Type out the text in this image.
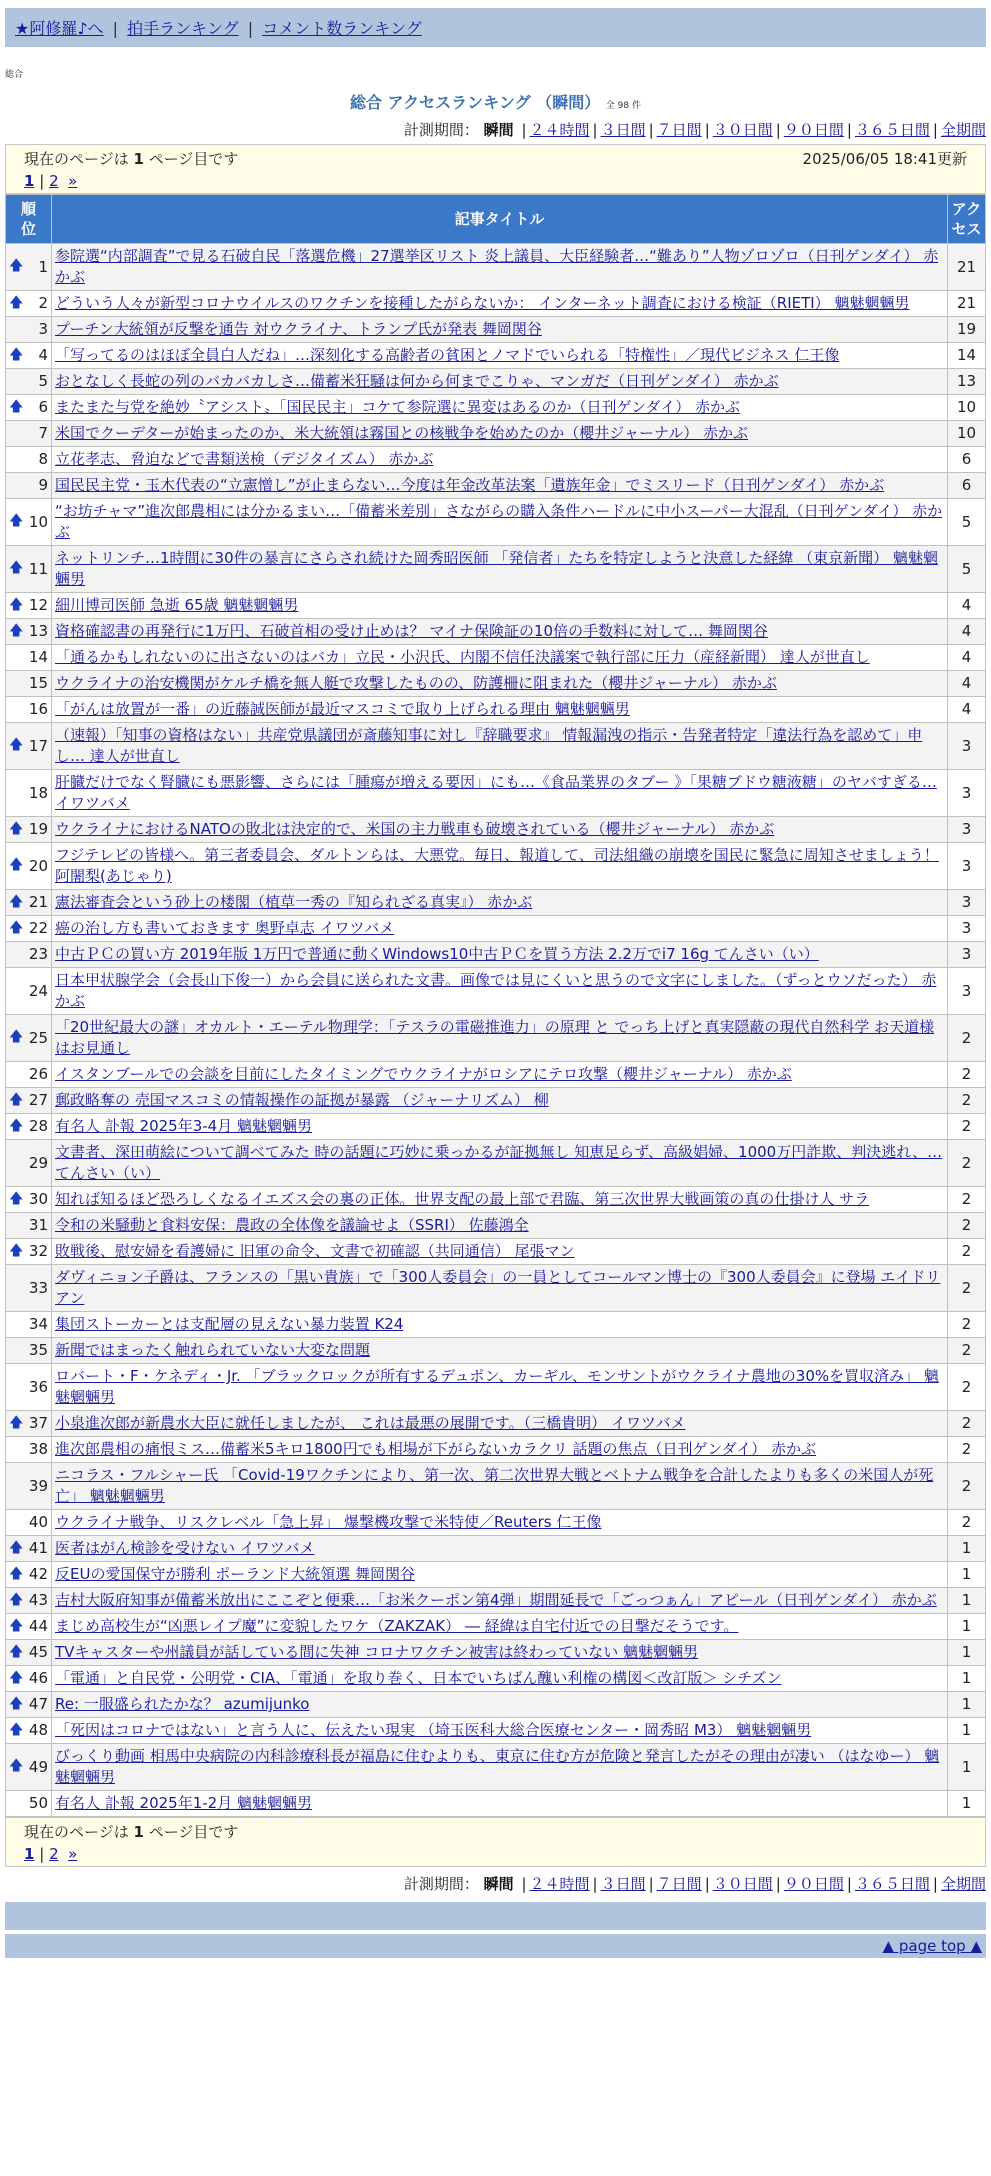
★阿修羅♪へ | 拍手ランキング | コメント数ランキング
総合
総合 アクセスランキング （瞬間） 全 98 件
計測期間： 瞬間 | ２４時間 | ３日間 | ７日間 | ３０日間 | ９０日間 | ３６５日間 | 全期間
現在のページは 1 ページ目です	2025/06/05 18:41更新
1 | 2 »
順位	記事タイトル	アクセス

🡅 1	参院選“内部調査”で見る石破自民「落選危機」27選挙区リスト 炎上議員、大臣経験者…“難あり”人物ゾロゾロ（日刊ゲンダイ） 赤かぶ	21

🡅 2	どういう人々が新型コロナウイルスのワクチンを接種したがらないか： インターネット調査における検証（RIETI） 魑魅魍魎男	21

3	プーチン大統領が反撃を通告 対ウクライナ、トランプ氏が発表 舞岡関谷	19

🡅 4	「写ってるのはほぼ全員白人だね」…深刻化する高齢者の貧困とノマドでいられる「特権性」／現代ビジネス 仁王像	14

5	おとなしく長蛇の列のバカバカしさ…備蓄米狂騒は何から何までこりゃ、マンガだ（日刊ゲンダイ） 赤かぶ	13

🡅 6	またまた与党を絶妙〝アシスト〟「国民民主」コケて参院選に異変はあるのか（日刊ゲンダイ） 赤かぶ	10

7	米国でクーデターが始まったのか、米大統領は霧国との核戦争を始めたのか（櫻井ジャーナル） 赤かぶ	10

8	立花孝志、脅迫などで書類送検（デジタイズム） 赤かぶ	6

9	国民民主党・玉木代表の“立憲憎し”が止まらない…今度は年金改革法案「遺族年金」でミスリード（日刊ゲンダイ） 赤かぶ	6

🡅 10	“お坊チャマ”進次郎農相には分かるまい…「備蓄米差別」さながらの購入条件ハードルに中小スーパー大混乱（日刊ゲンダイ） 赤かぶ	5

🡅 11	ネットリンチ…1時間に30件の暴言にさらされ続けた岡秀昭医師 「発信者」たちを特定しようと決意した経緯 （東京新聞） 魑魅魍魎男	5

🡅 12	細川博司医師 急逝 65歳 魑魅魍魎男	4

🡅 13	資格確認書の再発行に1万円、石破首相の受け止めは？ マイナ保険証の10倍の手数料に対して… 舞岡関谷	4

14	「通るかもしれないのに出さないのはバカ」立民・小沢氏、内閣不信任決議案で執行部に圧力（産経新聞） 達人が世直し	4

15	ウクライナの治安機関がケルチ橋を無人艇で攻撃したものの、防護柵に阻まれた（櫻井ジャーナル） 赤かぶ	4

16	「がんは放置が一番」の近藤誠医師が最近マスコミで取り上げられる理由 魑魅魍魎男	4

🡅 17	（速報）「知事の資格はない」共産党県議団が斎藤知事に対し『辞職要求』 情報漏洩の指示・告発者特定「違法行為を認めて」申し… 達人が世直し	3

18	肝臓だけでなく腎臓にも悪影響、さらには「腫瘍が増える要因」にも…《食品業界のタブー 》「果糖ブドウ糖液糖」のヤバすぎる… イワツバメ	3

🡅 19	ウクライナにおけるNATOの敗北は決定的で、米国の主力戦車も破壊されている（櫻井ジャーナル） 赤かぶ	3

🡅 20	フジテレビの皆様へ。第三者委員会、ダルトンらは、大悪党。毎日、報道して、司法組織の崩壊を国民に緊急に周知させましょう！ 阿闍梨(あじゃり)	3

🡅 21	憲法審査会という砂上の楼閣（植草一秀の『知られざる真実』） 赤かぶ	3

🡅 22	癌の治し方も書いておきます 奥野卓志 イワツバメ	3

23	中古ＰＣの買い方 2019年版 1万円で普通に動くWindows10中古ＰＣを買う方法 2.2万でi7 16g てんさい（い）	3

24	日本甲状腺学会（会長山下俊一）から会員に送られた文書。画像では見にくいと思うので文字にしました。（ずっとウソだった） 赤かぶ	3

🡅 25	「20世紀最大の謎」オカルト・エーテル物理学：「テスラの電磁推進力」の原理 と でっち上げと真実隠蔽の現代自然科学 お天道様はお見通し	2

26	イスタンブールでの会談を目前にしたタイミングでウクライナがロシアにテロ攻撃（櫻井ジャーナル） 赤かぶ	2

🡅 27	郵政略奪の 売国マスコミの情報操作の証拠が暴露 （ジャーナリズム） 柳	2

🡅 28	有名人 訃報 2025年3-4月 魑魅魍魎男	2

29	文書者、深田萌絵について調べてみた 時の話題に巧妙に乗っかるが証拠無し 知恵足らず、高級娼婦、1000万円詐欺、判決逃れ、… てんさい（い）	2

🡅 30	知れば知るほど恐ろしくなるイエズス会の裏の正体。世界支配の最上部で君臨、第三次世界大戦画策の真の仕掛け人 サラ	2

31	令和の米騒動と食料安保：農政の全体像を議論せよ（SSRI） 佐藤鴻全	2

🡅 32	敗戦後、慰安婦を看護婦に 旧軍の命令、文書で初確認（共同通信） 尾張マン	2

33	ダヴィニョン子爵は、フランスの「黒い貴族」で「300人委員会」の一員としてコールマン博士の『300人委員会』に登場 エイドリアン	2

34	集団ストーカーとは支配層の見えない暴力装置 K24	2

35	新聞ではまったく触れられていない大変な問題	2

36	ロバート・F・ケネディ・Jr. 「ブラックロックが所有するデュポン、カーギル、モンサントがウクライナ農地の30%を買収済み」 魑魅魍魎男	2

🡅 37	小泉進次郎が新農水大臣に就任しましたが、 これは最悪の展開です。（三橋貴明） イワツバメ	2

38	進次郎農相の痛恨ミス…備蓄米5キロ1800円でも相場が下がらないカラクリ 話題の焦点（日刊ゲンダイ） 赤かぶ	2

39	ニコラス・フルシャー氏 「Covid-19ワクチンにより、第一次、第二次世界大戦とベトナム戦争を合計したよりも多くの米国人が死亡」 魑魅魍魎男	2

40	ウクライナ戦争、リスクレベル「急上昇」 爆撃機攻撃で米特使／Reuters 仁王像	2

🡅 41	医者はがん検診を受けない イワツバメ	1

🡅 42	反EUの愛国保守が勝利 ポーランド大統領選 舞岡関谷	1

🡅 43	吉村大阪府知事が備蓄米放出にここぞと便乗…「お米クーポン第4弾」期間延長で「ごっつぁん」アピール（日刊ゲンダイ） 赤かぶ	1

🡅 44	まじめ高校生が“凶悪レイプ魔”に変貌したワケ（ZAKZAK） ― 経緯は自宅付近での目撃だそうです。	1

🡅 45	TVキャスターや州議員が話している間に失神 コロナワクチン被害は終わっていない 魑魅魍魎男	1

🡅 46	「電通」と自民党・公明党・CIA、「電通」を取り巻く、日本でいちばん醜い利権の構図＜改訂版＞ シチズン	1

🡅 47	Re: 一服盛られたかな？ azumijunko	1

🡅 48	「死因はコロナではない」と言う人に、伝えたい現実 （埼玉医科大総合医療センター・岡秀昭 M3） 魑魅魍魎男	1

🡅 49	びっくり動画 相馬中央病院の内科診療科長が福島に住むよりも、東京に住む方が危険と発言したがその理由が凄い （はなゆー） 魑魅魍魎男	1

50	有名人 訃報 2025年1-2月 魑魅魍魎男	1
現在のページは 1 ページ目です
1 | 2 »
計測期間： 瞬間 | ２４時間 | ３日間 | ７日間 | ３０日間 | ９０日間 | ３６５日間 | 全期間
▲ page top ▲
